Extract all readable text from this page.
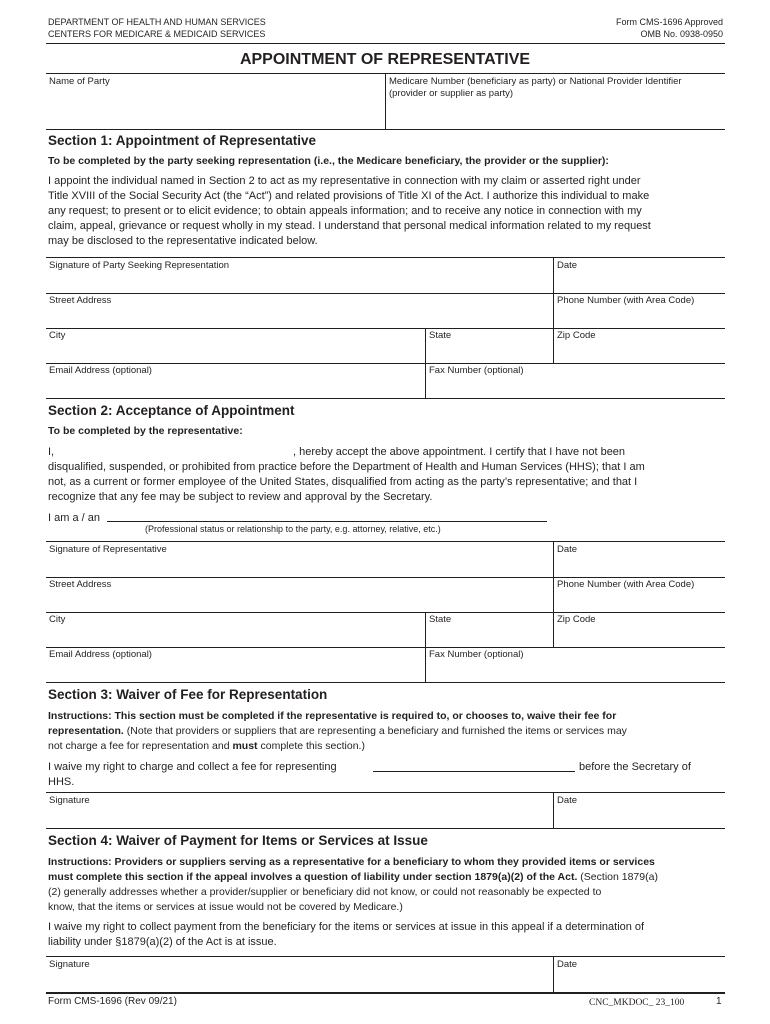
DEPARTMENT OF HEALTH AND HUMAN SERVICES
CENTERS FOR MEDICARE & MEDICAID SERVICES
Form CMS-1696 Approved
OMB No. 0938-0950
APPOINTMENT OF REPRESENTATIVE
Name of Party	Medicare Number (beneficiary as party) or National Provider Identifier
(provider or supplier as party)
Section 1: Appointment of Representative
To be completed by the party seeking representation (i.e., the Medicare beneficiary, the provider or the supplier):
I appoint the individual named in Section 2 to act as my representative in connection with my claim or asserted right under
Title XVIII of the Social Security Act (the “Act”) and related provisions of Title XI of the Act. I authorize this individual to make
any request; to present or to elicit evidence; to obtain appeals information; and to receive any notice in connection with my
claim, appeal, grievance or request wholly in my stead. I understand that personal medical information related to my request
may be disclosed to the representative indicated below.
Signature of Party Seeking Representation	Date
Street Address	Phone Number (with Area Code)
City	State	Zip Code
Email Address (optional)	Fax Number (optional)
Section 2: Acceptance of Appointment
To be completed by the representative:
I,	, hereby accept the above appointment. I certify that I have not been
disqualified, suspended, or prohibited from practice before the Department of Health and Human Services (HHS); that I am
not, as a current or former employee of the United States, disqualified from acting as the party’s representative; and that I
recognize that any fee may be subject to review and approval by the Secretary.
I am a / an
(Professional status or relationship to the party, e.g. attorney, relative, etc.)
Signature of Representative	Date
Street Address	Phone Number (with Area Code)
City	State	Zip Code
Email Address (optional)	Fax Number (optional)
Section 3: Waiver of Fee for Representation
Instructions: This section must be completed if the representative is required to, or chooses to, waive their fee for
representation. (Note that providers or suppliers that are representing a beneficiary and furnished the items or services may
not charge a fee for representation and must complete this section.)
I waive my right to charge and collect a fee for representing	before the Secretary of
HHS.
Signature	Date
Section 4: Waiver of Payment for Items or Services at Issue
Instructions: Providers or suppliers serving as a representative for a beneficiary to whom they provided items or services
must complete this section if the appeal involves a question of liability under section 1879(a)(2) of the Act. (Section 1879(a)
(2) generally addresses whether a provider/supplier or beneficiary did not know, or could not reasonably be expected to
know, that the items or services at issue would not be covered by Medicare.)
I waive my right to collect payment from the beneficiary for the items or services at issue in this appeal if a determination of
liability under §1879(a)(2) of the Act is at issue.
Signature	Date
Form CMS-1696 (Rev 09/21)	CNC_MKDOC_ 23_100	1
